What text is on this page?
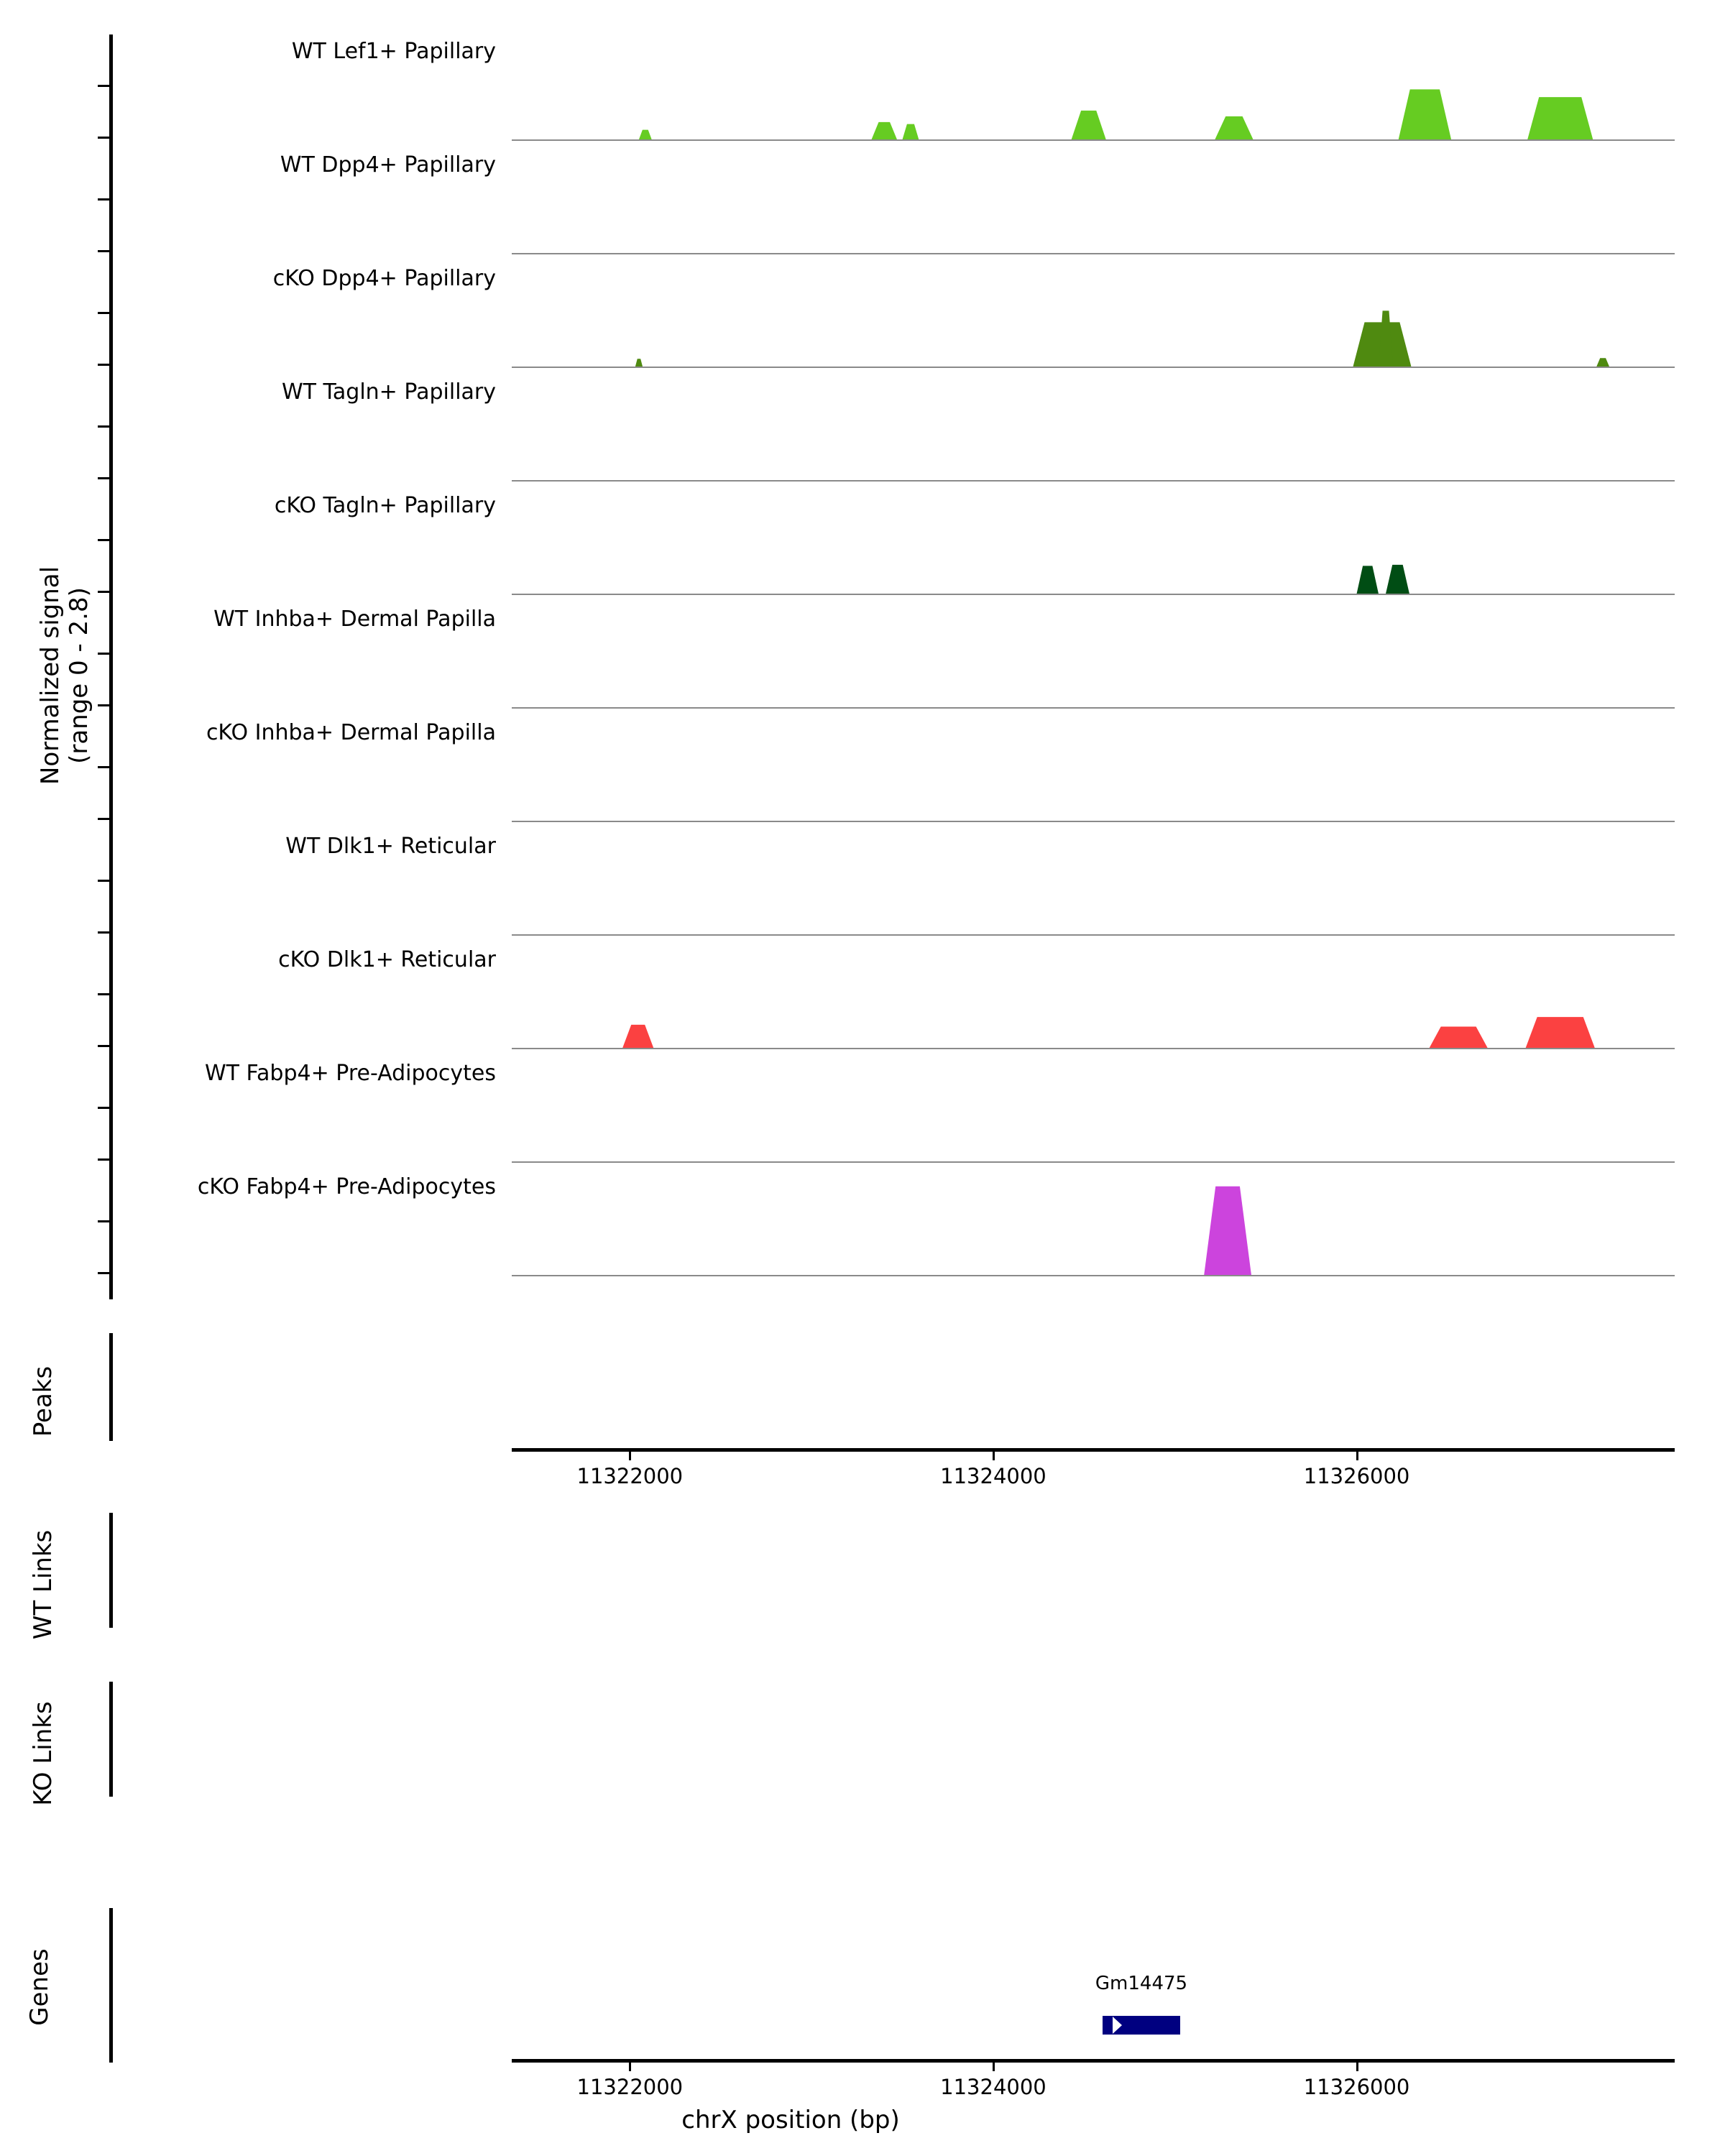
Normalized signal (range 0 - 2.8)
WT Lef1+ Papillary
WT Dpp4+ Papillary
cKO Dpp4+ Papillary
WT Tagln+ Papillary
cKO Tagln+ Papillary
WT Inhba+ Dermal Papilla
cKO Inhba+ Dermal Papilla
WT Dlk1+ Reticular
cKO Dlk1+ Reticular
WT Fabp4+ Pre-Adipocytes
cKO Fabp4+ Pre-Adipocytes
11322000	11324000	11326000
Peaks
WT Links
KO Links
Genes	Gm14475
11322000	11324000	11326000
chrX position (bp)
